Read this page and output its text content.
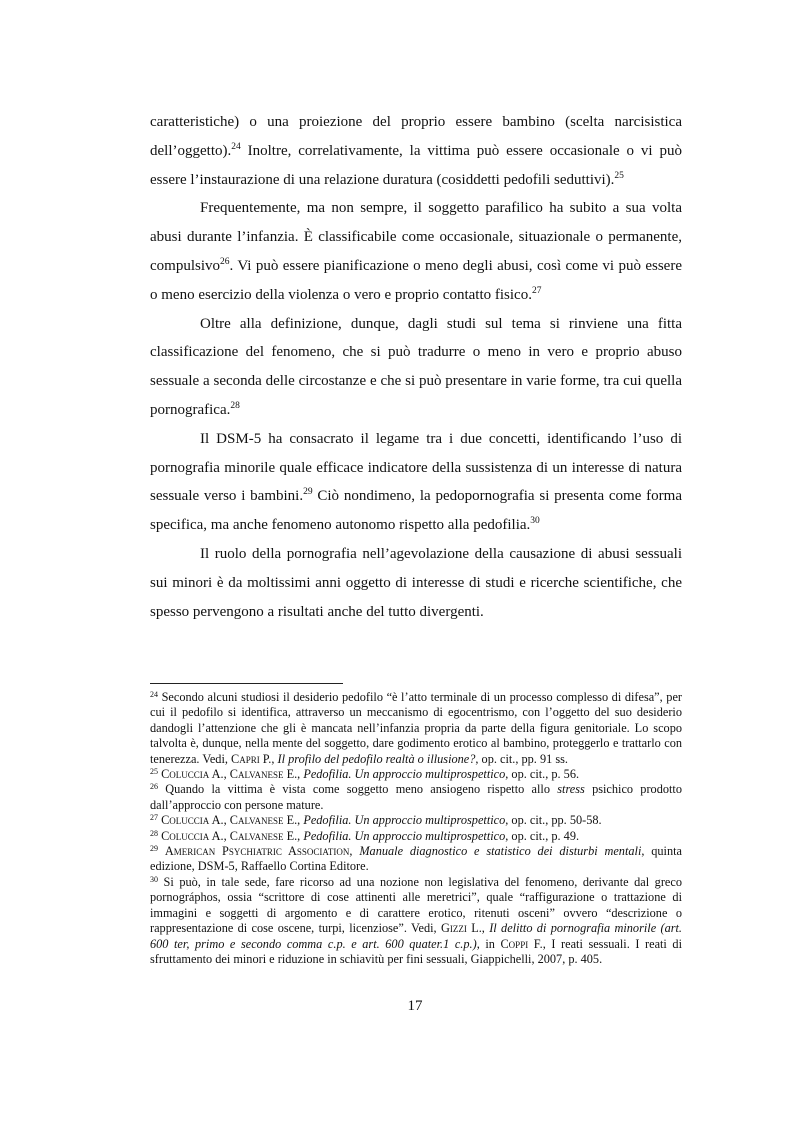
caratteristiche) o una proiezione del proprio essere bambino (scelta narcisistica dell’oggetto).$^{24}$ Inoltre, correlativamente, la vittima può essere occasionale o vi può essere l’instaurazione di una relazione duratura (cosiddetti pedofili seduttivi).$^{25}$

Frequentemente, ma non sempre, il soggetto parafilico ha subito a sua volta abusi durante l’infanzia. È classificabile come occasionale, situazionale o permanente, compulsivo$^{26}$. Vi può essere pianificazione o meno degli abusi, così come vi può essere o meno esercizio della violenza o vero e proprio contatto fisico.$^{27}$

Oltre alla definizione, dunque, dagli studi sul tema si rinviene una fitta classificazione del fenomeno, che si può tradurre o meno in vero e proprio abuso sessuale a seconda delle circostanze e che si può presentare in varie forme, tra cui quella pornografica.$^{28}$

Il DSM-5 ha consacrato il legame tra i due concetti, identificando l’uso di pornografia minorile quale efficace indicatore della sussistenza di un interesse di natura sessuale verso i bambini.$^{29}$ Ciò nondimeno, la pedopornografia si presenta come forma specifica, ma anche fenomeno autonomo rispetto alla pedofilia.$^{30}$

Il ruolo della pornografia nell’agevolazione della causazione di abusi sessuali sui minori è da moltissimi anni oggetto di interesse di studi e ricerche scientifiche, che spesso pervengono a risultati anche del tutto divergenti.

$^{24}$ Secondo alcuni studiosi il desiderio pedofilo “è l’atto terminale di un processo complesso di difesa”, per cui il pedofilo si identifica, attraverso un meccanismo di egocentrismo, con l’oggetto del suo desiderio dandogli l’attenzione che gli è mancata nell’infanzia propria da parte della figura genitoriale. Lo scopo talvolta è, dunque, nella mente del soggetto, dare godimento erotico al bambino, proteggerlo e trattarlo con tenerezza. Vedi, Capri P., Il profilo del pedofilo realtà o illusione?, op. cit., pp. 91 ss.

$^{25}$ Coluccia A., Calvanese E., Pedofilia. Un approccio multiprospettico, op. cit., p. 56.

$^{26}$ Quando la vittima è vista come soggetto meno ansiogeno rispetto allo stress psichico prodotto dall’approccio con persone mature.

$^{27}$ Coluccia A., Calvanese E., Pedofilia. Un approccio multiprospettico, op. cit., pp. 50-58.

$^{28}$ Coluccia A., Calvanese E., Pedofilia. Un approccio multiprospettico, op. cit., p. 49.

$^{29}$ American Psychiatric Association, Manuale diagnostico e statistico dei disturbi mentali, quinta edizione, DSM-5, Raffaello Cortina Editore.

$^{30}$ Si può, in tale sede, fare ricorso ad una nozione non legislativa del fenomeno, derivante dal greco pornográphos, ossia “scrittore di cose attinenti alle meretrici”, quale “raffigurazione o trattazione di immagini e soggetti di argomento e di carattere erotico, ritenuti osceni” ovvero “descrizione o rappresentazione di cose oscene, turpi, licenziose”. Vedi, Gizzi L., Il delitto di pornografia minorile (art. 600 ter, primo e secondo comma c.p. e art. 600 quater.1 c.p.), in Coppi F., I reati sessuali. I reati di sfruttamento dei minori e riduzione in schiavitù per fini sessuali, Giappichelli, 2007, p. 405.

17
